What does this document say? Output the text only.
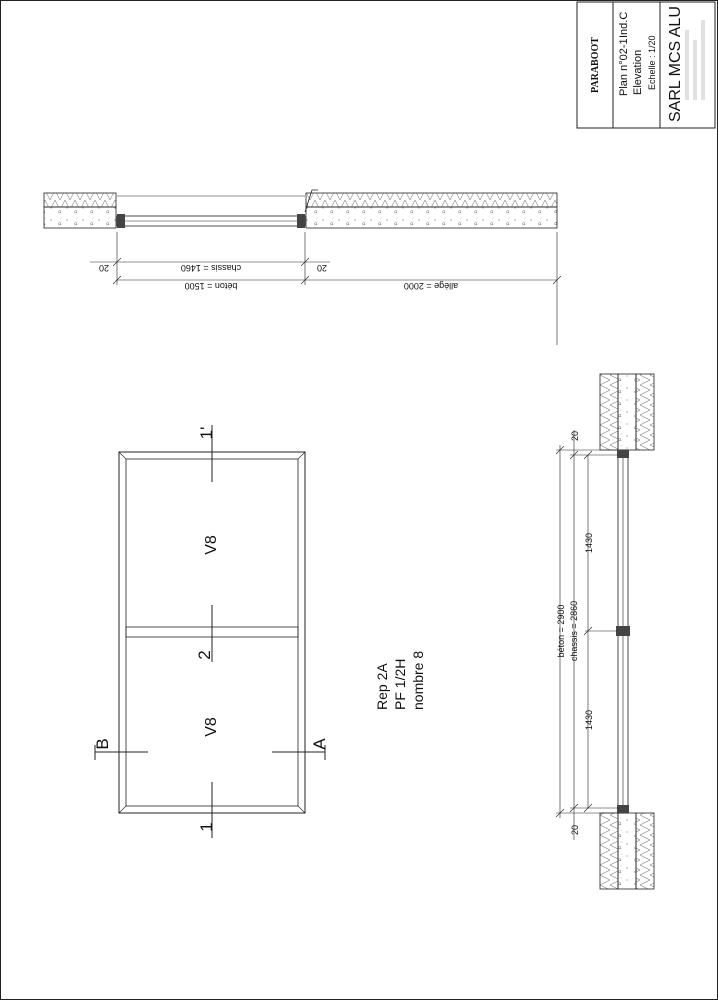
PARABOOT Plan n°02-1
Ind.C
Elevation Echelle : 1/20 SARL MCS ALU
20	chassis = 1460	20
béton = 1500	allège = 2000
1'
1
2
B	A
V8
V8
Rep 2A PF 1/2H nombre 8
20
20
1430
1430
béton = 2900 chassis = 2860
